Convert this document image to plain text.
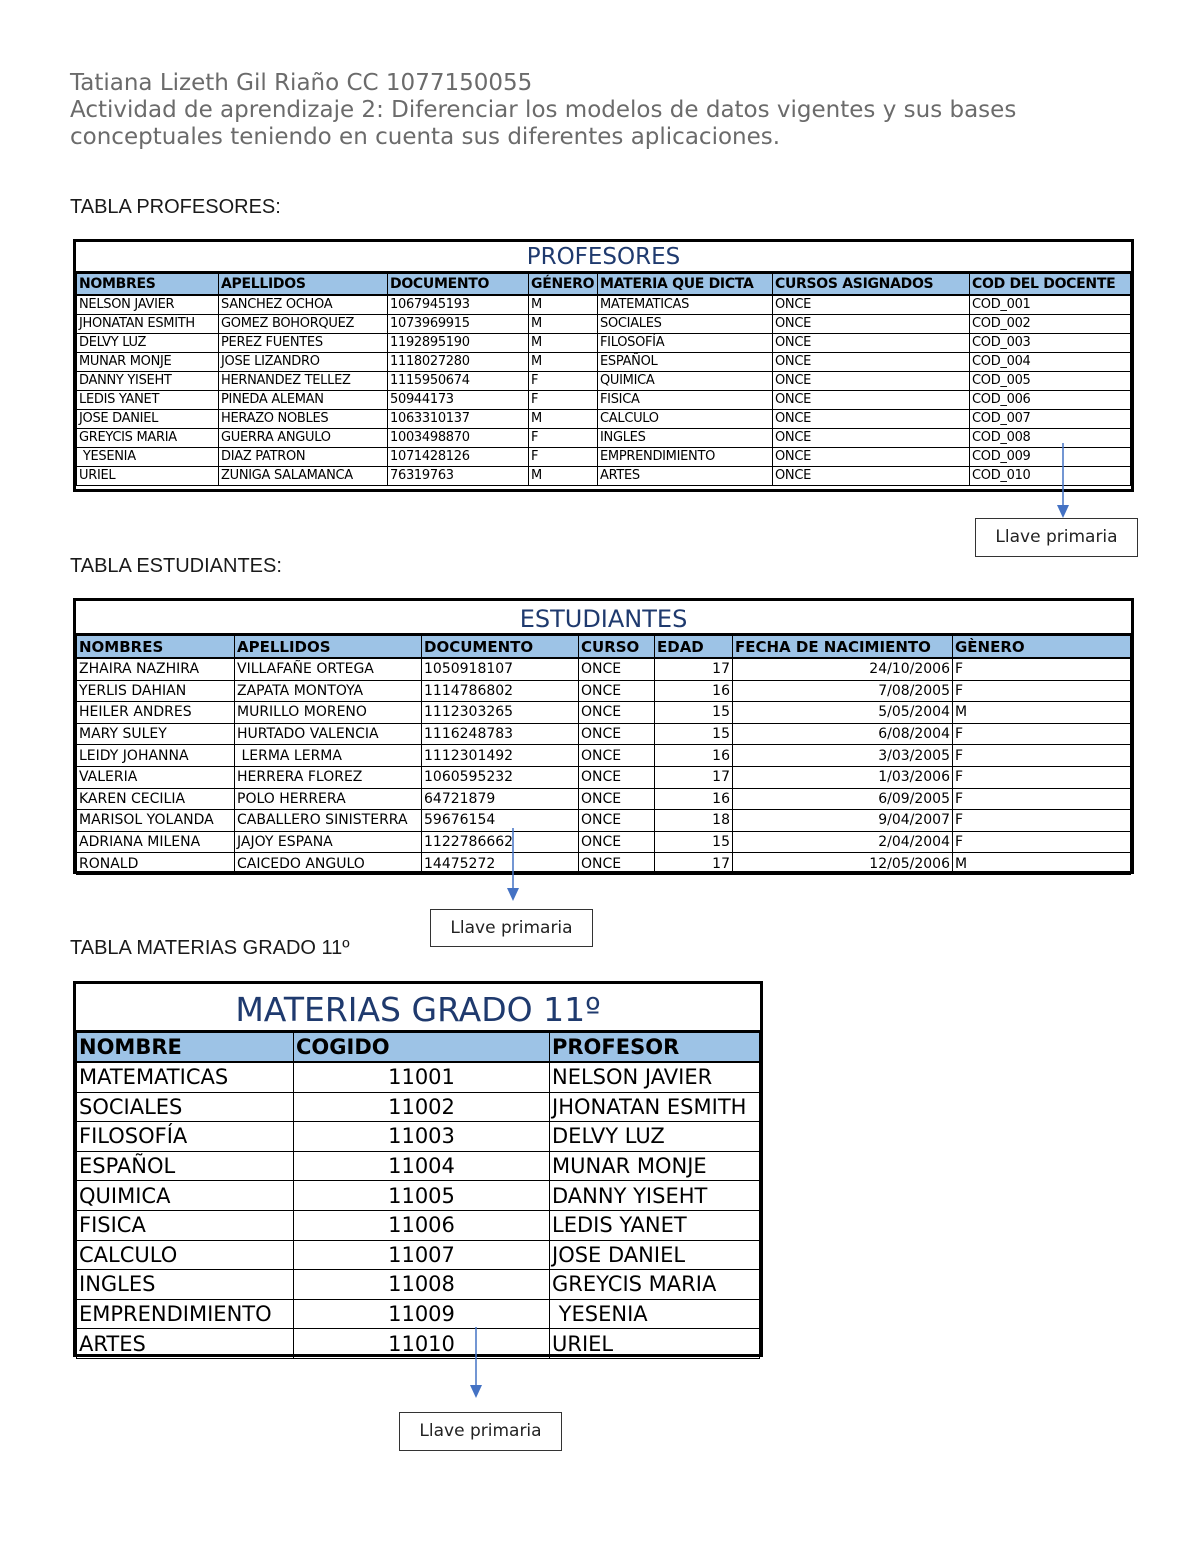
Tatiana Lizeth Gil Riaño CC 1077150055
Actividad de aprendizaje 2: Diferenciar los modelos de datos vigentes y sus bases
conceptuales teniendo en cuenta sus diferentes aplicaciones.
TABLA PROFESORES:
PROFESORES
NOMBRES	APELLIDOS	DOCUMENTO	GÉNERO	MATERIA QUE DICTA	CURSOS ASIGNADOS	COD DEL DOCENTE
NELSON JAVIER	SANCHEZ OCHOA	1067945193	M	MATEMATICAS	ONCE	COD_001
JHONATAN ESMITH	GOMEZ BOHORQUEZ	1073969915	M	SOCIALES	ONCE	COD_002
DELVY LUZ	PEREZ FUENTES	1192895190	M	FILOSOFÍA	ONCE	COD_003
MUNAR MONJE	JOSE LIZANDRO	1118027280	M	ESPAÑOL	ONCE	COD_004
DANNY YISEHT	HERNANDEZ TELLEZ	1115950674	F	QUIMICA	ONCE	COD_005
LEDIS YANET	PINEDA ALEMAN	50944173	F	FISICA	ONCE	COD_006
JOSE DANIEL	HERAZO NOBLES	1063310137	M	CALCULO	ONCE	COD_007
GREYCIS MARIA	GUERRA ANGULO	1003498870	F	INGLES	ONCE	COD_008
YESENIA	DIAZ PATRON	1071428126	F	EMPRENDIMIENTO	ONCE	COD_009
URIEL	ZUNIGA SALAMANCA	76319763	M	ARTES	ONCE	COD_010
Llave primaria
TABLA ESTUDIANTES:
ESTUDIANTES
NOMBRES	APELLIDOS	DOCUMENTO	CURSO	EDAD	FECHA DE NACIMIENTO	GÈNERO
ZHAIRA NAZHIRA	VILLAFAÑE ORTEGA	1050918107	ONCE	17	24/10/2006	F
YERLIS DAHIAN	ZAPATA MONTOYA	1114786802	ONCE	16	7/08/2005	F
HEILER ANDRES	MURILLO MORENO	1112303265	ONCE	15	5/05/2004	M
MARY SULEY	HURTADO VALENCIA	1116248783	ONCE	15	6/08/2004	F
LEIDY JOHANNA	LERMA LERMA	1112301492	ONCE	16	3/03/2005	F
VALERIA	HERRERA FLOREZ	1060595232	ONCE	17	1/03/2006	F
KAREN CECILIA	POLO HERRERA	64721879	ONCE	16	6/09/2005	F
MARISOL YOLANDA	CABALLERO SINISTERRA	59676154	ONCE	18	9/04/2007	F
ADRIANA MILENA	JAJOY ESPANA	1122786662	ONCE	15	2/04/2004	F
RONALD	CAICEDO ANGULO	14475272	ONCE	17	12/05/2006	M
Llave primaria
TABLA MATERIAS GRADO 11º
MATERIAS GRADO 11º
NOMBRE	COGIDO	PROFESOR
MATEMATICAS	11001	NELSON JAVIER
SOCIALES	11002	JHONATAN ESMITH
FILOSOFÍA	11003	DELVY LUZ
ESPAÑOL	11004	MUNAR MONJE
QUIMICA	11005	DANNY YISEHT
FISICA	11006	LEDIS YANET
CALCULO	11007	JOSE DANIEL
INGLES	11008	GREYCIS MARIA
EMPRENDIMIENTO	11009	YESENIA
ARTES	11010	URIEL
Llave primaria
